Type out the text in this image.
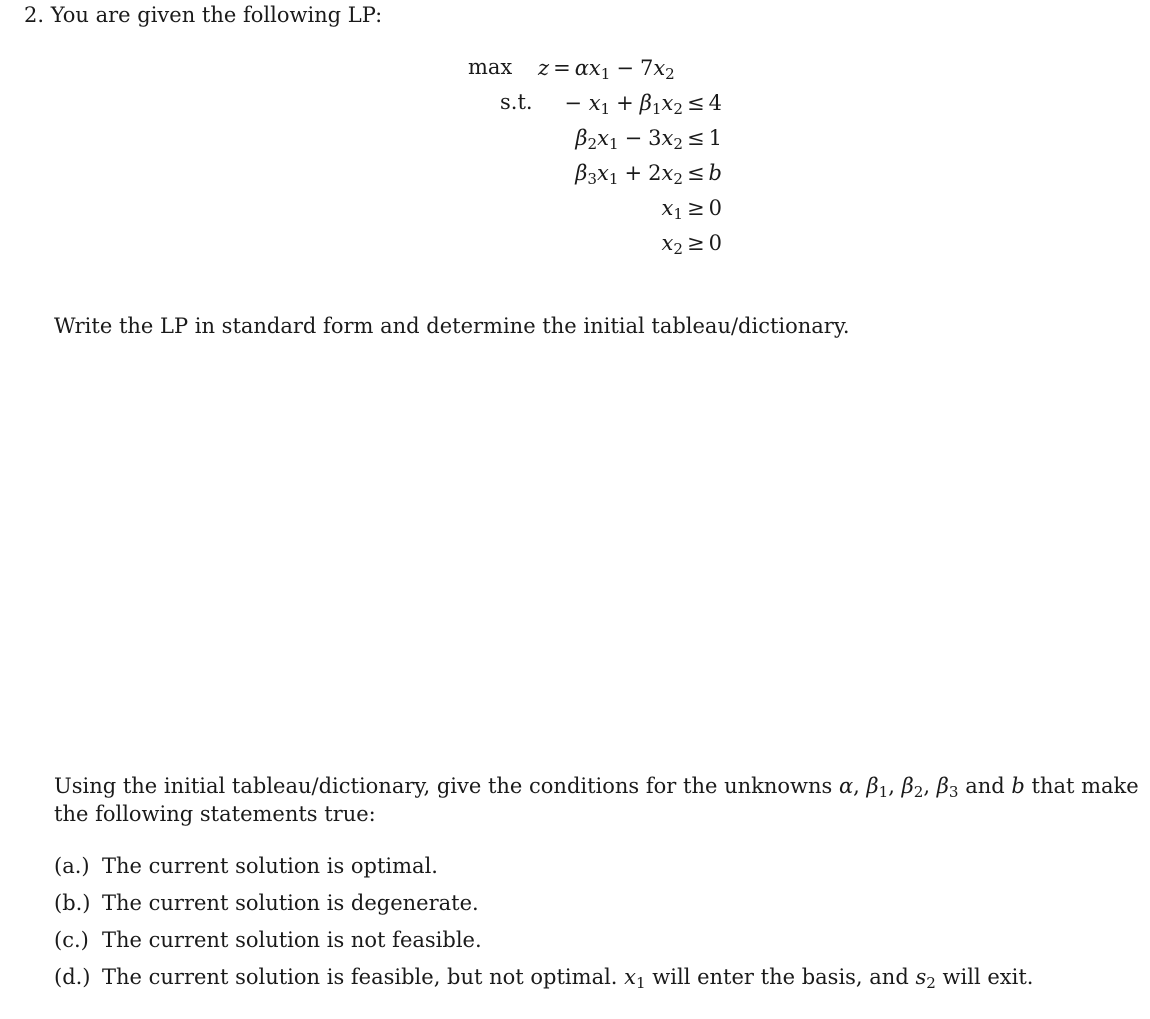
2. You are given the following LP:
max
s.t.
$z = \alpha x_1 - 7x_2$
− $x_1 + \beta_1x_2 \le 4$
$\beta_2x_1 - 3x_2 \le 1$
$\beta_3x_1 + 2x_2 \le b$
$x_1 \ge 0$
$x_2 \ge 0$
Write the LP in standard form and determine the initial tableau/dictionary.
Using the initial tableau/dictionary, give the conditions for the unknowns α, $\beta_1$, $\beta_2$, $\beta_3$ and b that make the following statements true:
(a.) The current solution is optimal.
(b.) The current solution is degenerate.
(c.) The current solution is not feasible.
(d.) The current solution is feasible, but not optimal. $x_1$ will enter the basis, and $s_2$ will exit.
